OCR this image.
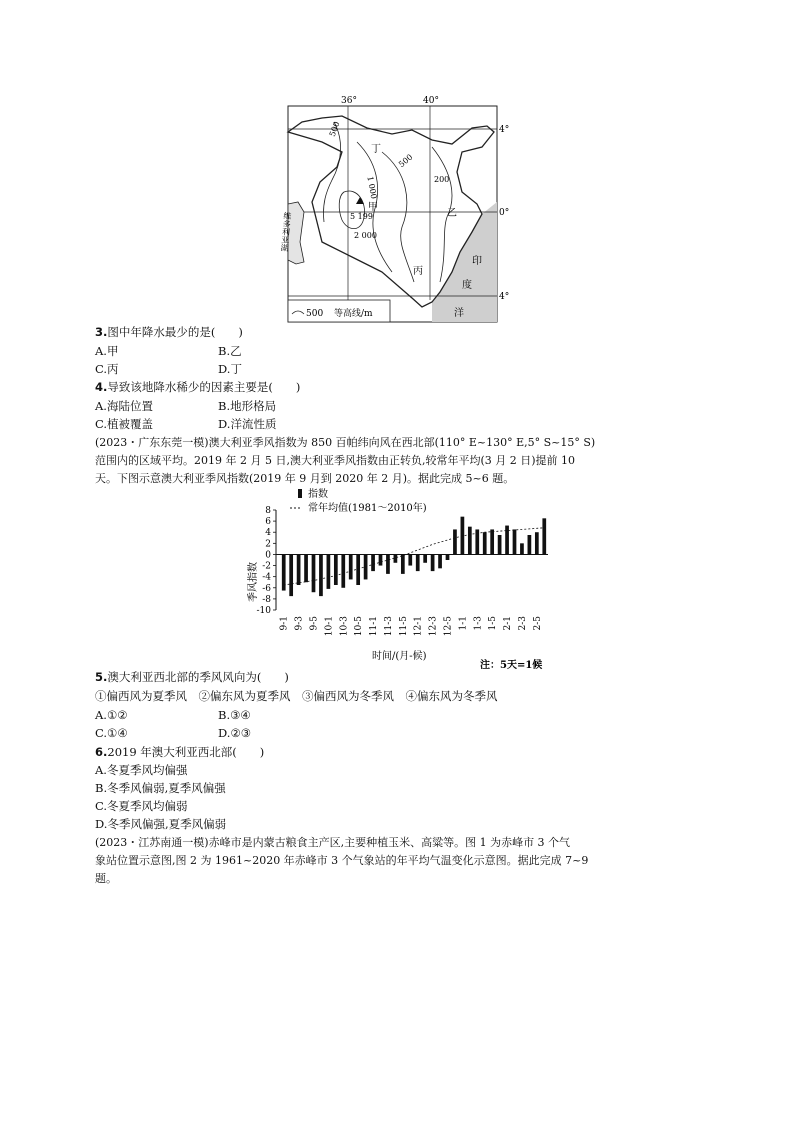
36°	40°
4°
0°
4°
500
1 000
500
200
2 000
5 199
甲
乙
丙
丁
维多利亚湖
印
度
洋
500 等高线/m
3.图中年降水最少的是(　　)
A.甲	B.乙
C.丙	D.丁
4.导致该地降水稀少的因素主要是(　　)
A.海陆位置	B.地形格局
C.植被覆盖	D.洋流性质
(2023・广东东莞一模)澳大利亚季风指数为 850 百帕纬向风在西北部(110° E~130° E,5° S~15° S)
范围内的区域平均。2019 年 2 月 5 日,澳大利亚季风指数由正转负,较常年平均(3 月 2 日)提前 10
天。下图示意澳大利亚季风指数(2019 年 9 月到 2020 年 2 月)。据此完成 5~6 题。
指数
常年均值(1981～2010年)
季风指数
8
6
4
2
0
-2
-4
-6
-8
-10
9-1 9-3 9-5 10-1 10-3 10-5 11-1 11-3 11-5 12-1 12-3 12-5 1-1 1-3 1-5 2-1 2-3 2-5
时间/(月-候)
注：5天=1候
5.澳大利亚西北部的季风风向为(　　)
①偏西风为夏季风　②偏东风为夏季风　③偏西风为冬季风　④偏东风为冬季风
A.①②	B.③④
C.①④	D.②③
6.2019 年澳大利亚西北部(　　)
A.冬夏季风均偏强
B.冬季风偏弱,夏季风偏强
C.冬夏季风均偏弱
D.冬季风偏强,夏季风偏弱
(2023・江苏南通一模)赤峰市是内蒙古粮食主产区,主要种植玉米、高粱等。图 1 为赤峰市 3 个气
象站位置示意图,图 2 为 1961~2020 年赤峰市 3 个气象站的年平均气温变化示意图。据此完成 7~9
题。
